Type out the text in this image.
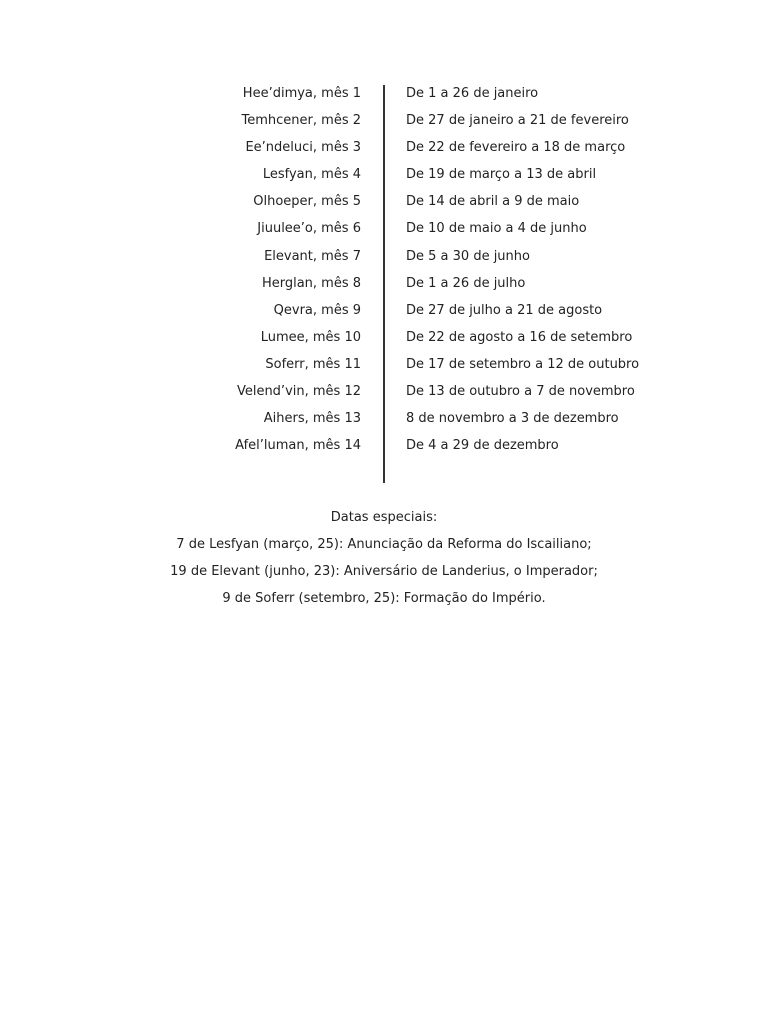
Hee’dimya, mês 1	De 1 a 26 de janeiro
Temhcener, mês 2	De 27 de janeiro a 21 de fevereiro
Ee’ndeluci, mês 3	De 22 de fevereiro a 18 de março
Lesfyan, mês 4	De 19 de março a 13 de abril
Olhoeper, mês 5	De 14 de abril a 9 de maio
Jiuulee’o, mês 6	De 10 de maio a 4 de junho
Elevant, mês 7	De 5 a 30 de junho
Herglan, mês 8	De 1 a 26 de julho
Qevra, mês 9	De 27 de julho a 21 de agosto
Lumee, mês 10	De 22 de agosto a 16 de setembro
Soferr, mês 11	De 17 de setembro a 12 de outubro
Velend’vin, mês 12	De 13 de outubro a 7 de novembro
Aihers, mês 13	8 de novembro a 3 de dezembro
Afel’luman, mês 14	De 4 a 29 de dezembro
Datas especiais:
7 de Lesfyan (março, 25): Anunciação da Reforma do Iscailiano;
19 de Elevant (junho, 23): Aniversário de Landerius, o Imperador;
9 de Soferr (setembro, 25): Formação do Império.
